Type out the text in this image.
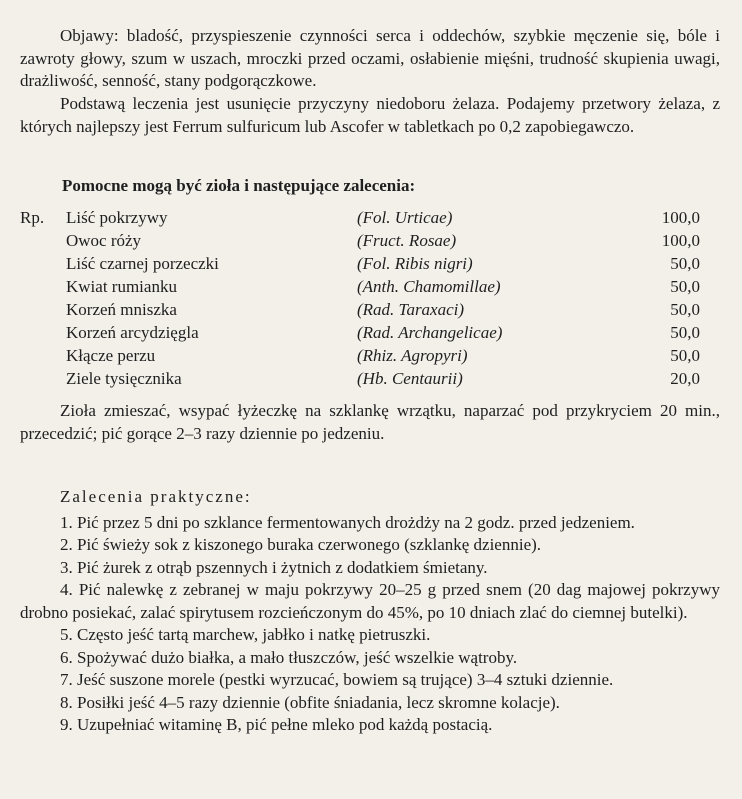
Objawy: bladość, przyspieszenie czynności serca i oddechów, szybkie męczenie się, bóle i zawroty głowy, szum w uszach, mroczki przed oczami, osłabienie mięśni, trudność skupienia uwagi, drażliwość, senność, stany podgorączkowe.

Podstawą leczenia jest usunięcie przyczyny niedoboru żelaza. Podajemy przetwory żelaza, z których najlepszy jest Ferrum sulfuricum lub Ascofer w tabletkach po 0,2 zapobiegawczo.

Pomocne mogą być zioła i następujące zalecenia:

Rp. Liść pokrzywy	(Fol. Urticae)	100,0
Owoc róży	(Fruct. Rosae)	100,0
Liść czarnej porzeczki	(Fol. Ribis nigri)	50,0
Kwiat rumianku	(Anth. Chamomillae)	50,0
Korzeń mniszka	(Rad. Taraxaci)	50,0
Korzeń arcydzięgla	(Rad. Archangelicae)	50,0
Kłącze perzu	(Rhiz. Agropyri)	50,0
Ziele tysięcznika	(Hb. Centaurii)	20,0

Zioła zmieszać, wsypać łyżeczkę na szklankę wrzątku, naparzać pod przykryciem 20 min., przecedzić; pić gorące 2–3 razy dziennie po jedzeniu.

Zalecenia praktyczne:

1. Pić przez 5 dni po szklance fermentowanych drożdży na 2 godz. przed jedzeniem.

2. Pić świeży sok z kiszonego buraka czerwonego (szklankę dziennie).

3. Pić żurek z otrąb pszennych i żytnich z dodatkiem śmietany.

4. Pić nalewkę z zebranej w maju pokrzywy 20–25 g przed snem (20 dag majowej pokrzywy drobno posiekać, zalać spirytusem rozcieńczonym do 45%, po 10 dniach zlać do ciemnej butelki).

5. Często jeść tartą marchew, jabłko i natkę pietruszki.

6. Spożywać dużo białka, a mało tłuszczów, jeść wszelkie wątroby.

7. Jeść suszone morele (pestki wyrzucać, bowiem są trujące) 3–4 sztuki dziennie.

8. Posiłki jeść 4–5 razy dziennie (obfite śniadania, lecz skromne kolacje).

9. Uzupełniać witaminę B, pić pełne mleko pod każdą postacią.
